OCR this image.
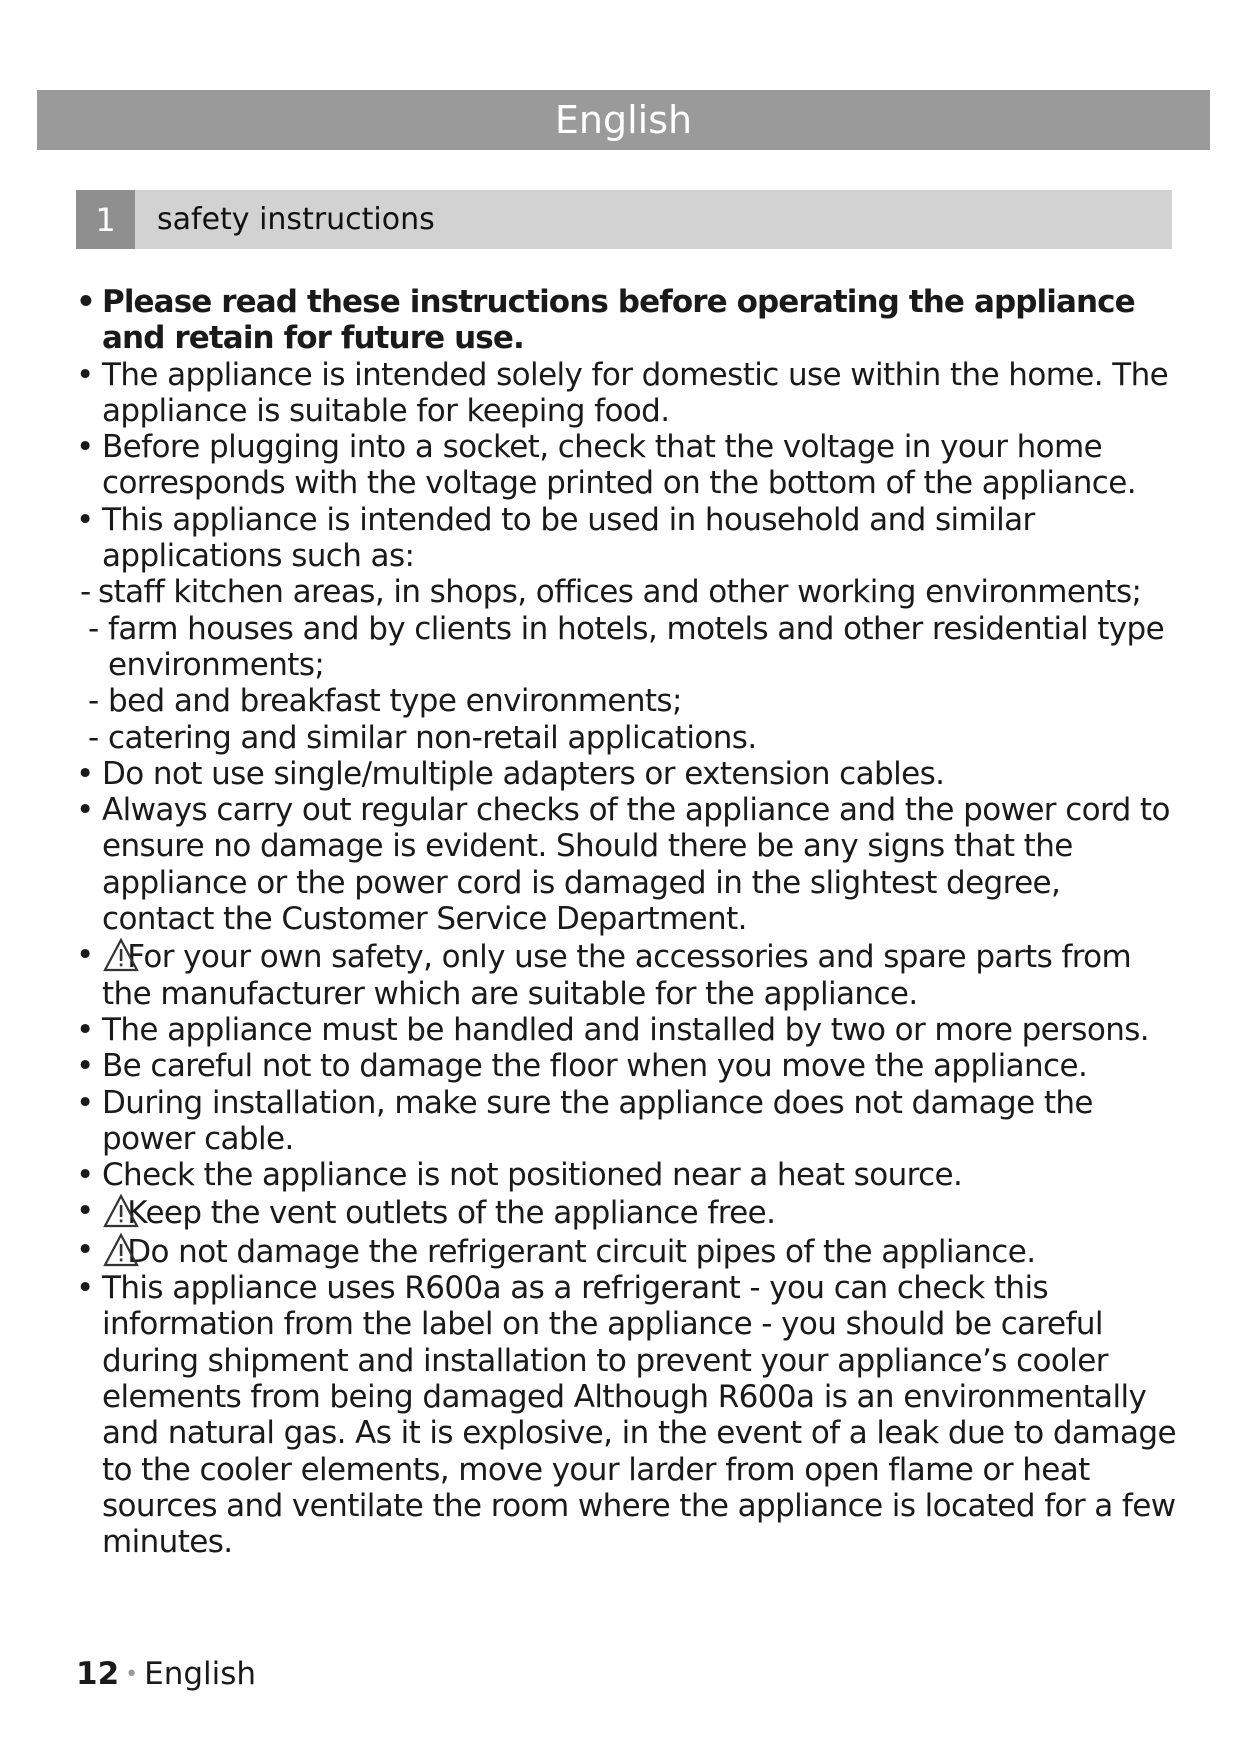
English
1	safety instructions
• Please read these instructions before operating the appliance and retain for future use.
• The appliance is intended solely for domestic use within the home. The appliance is suitable for keeping food.
• Before plugging into a socket, check that the voltage in your home corresponds with the voltage printed on the bottom of the appliance.
• This appliance is intended to be used in household and similar applications such as:
- staff kitchen areas, in shops, offices and other working environments;
- farm houses and by clients in hotels, motels and other residential type environments;
- bed and breakfast type environments;
- catering and similar non-retail applications.
• Do not use single/multiple adapters or extension cables.
• Always carry out regular checks of the appliance and the power cord to ensure no damage is evident. Should there be any signs that the appliance or the power cord is damaged in the slightest degree, contact the Customer Service Department.
• For your own safety, only use the accessories and spare parts from the manufacturer which are suitable for the appliance.
• The appliance must be handled and installed by two or more persons.
• Be careful not to damage the floor when you move the appliance.
• During installation, make sure the appliance does not damage the power cable.
• Check the appliance is not positioned near a heat source.
• Keep the vent outlets of the appliance free.
• Do not damage the refrigerant circuit pipes of the appliance.
• This appliance uses R600a as a refrigerant - you can check this information from the label on the appliance - you should be careful during shipment and installation to prevent your appliance’s cooler elements from being damaged Although R600a is an environmentally and natural gas. As it is explosive, in the event of a leak due to damage to the cooler elements, move your larder from open flame or heat sources and ventilate the room where the appliance is located for a few minutes.
12 • English
